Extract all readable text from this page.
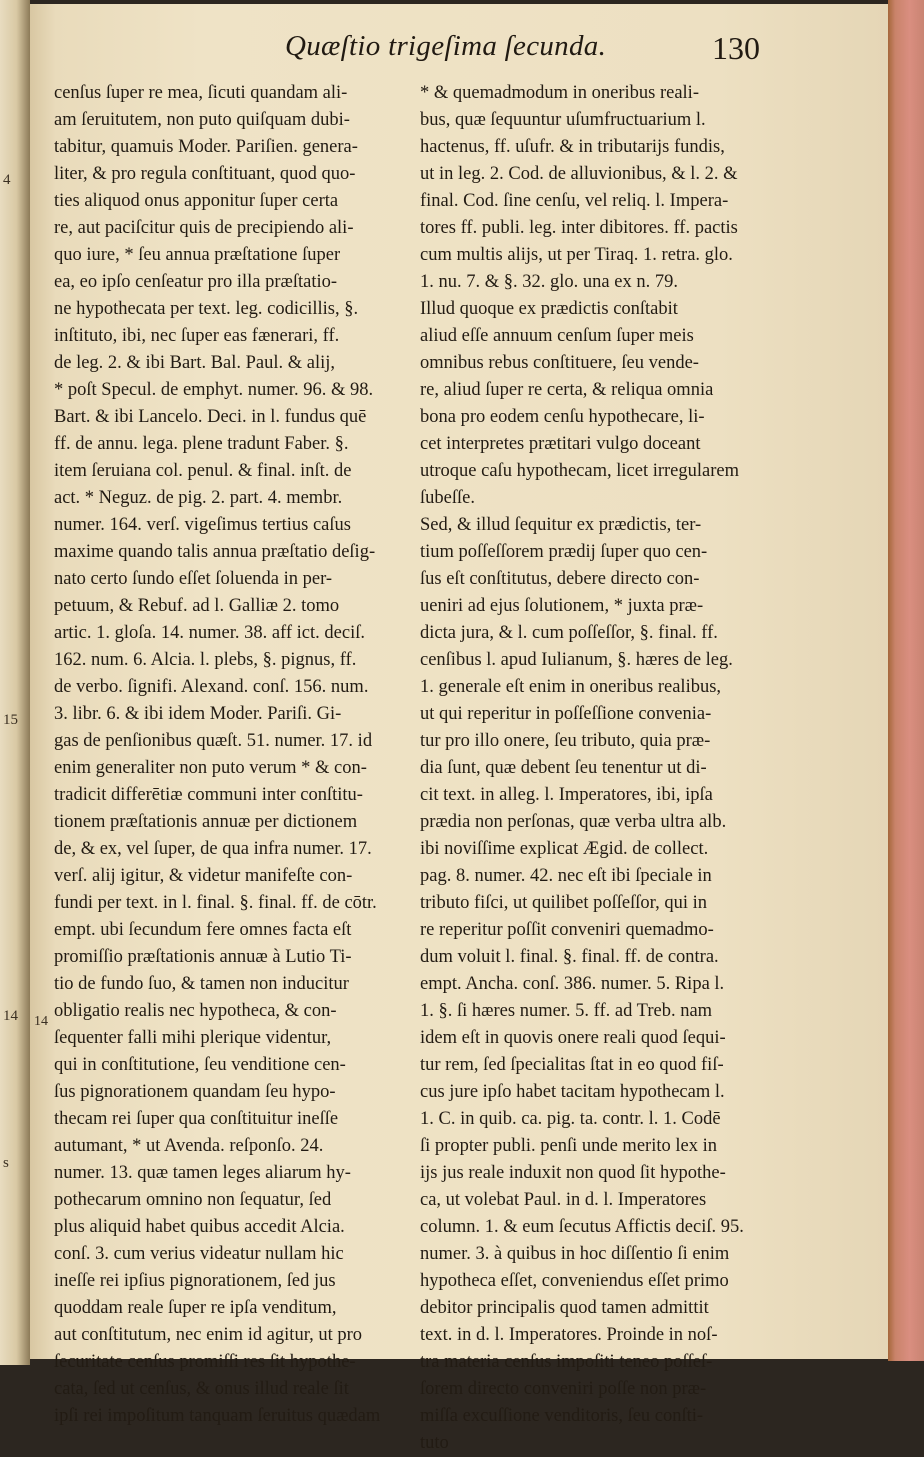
4
15
14
s
Quæſtio trigeſima ſecunda.	130
14
cenſus ſuper re mea, ſicuti quandam ali-
am ſeruitutem, non puto quiſquam dubi-
tabitur, quamuis Moder. Pariſien. genera-
liter, & pro regula conſtituant, quod quo-
ties aliquod onus apponitur ſuper certa
re, aut paciſcitur quis de precipiendo ali-
quo iure, * ſeu annua præſtatione ſuper
ea, eo ipſo cenſeatur pro illa præſtatio-
ne hypothecata per text. leg. codicillis, §.
inſtituto, ibi, nec ſuper eas fænerari, ff.
de leg. 2. & ibi Bart. Bal. Paul. & alij,
* poſt Specul. de emphyt. numer. 96. & 98.
Bart. & ibi Lancelo. Deci. in l. fundus quē
ff. de annu. lega. plene tradunt Faber. §.
item ſeruiana col. penul. & final. inſt. de
act. * Neguz. de pig. 2. part. 4. membr.
numer. 164. verſ. vigeſimus tertius caſus
maxime quando talis annua præſtatio deſig-
nato certo ſundo eſſet ſoluenda in per-
petuum, & Rebuf. ad l. Galliæ 2. tomo
artic. 1. gloſa. 14. numer. 38. aff ict. deciſ.
162. num. 6. Alcia. l. plebs, §. pignus, ff.
de verbo. ſignifi. Alexand. conſ. 156. num.
3. libr. 6. & ibi idem Moder. Pariſi. Gi-
gas de penſionibus quæſt. 51. numer. 17. id
enim generaliter non puto verum * & con-
tradicit differētiæ communi inter conſtitu-
tionem præſtationis annuæ per dictionem
de, & ex, vel ſuper, de qua infra numer. 17.
verſ. alij igitur, & videtur manifeſte con-
fundi per text. in l. final. §. final. ff. de cōtr.
empt. ubi ſecundum fere omnes facta eſt
promiſſio præſtationis annuæ à Lutio Ti-
tio de fundo ſuo, & tamen non inducitur
obligatio realis nec hypotheca, & con-
ſequenter falli mihi plerique videntur,
qui in conſtitutione, ſeu venditione cen-
ſus pignorationem quandam ſeu hypo-
thecam rei ſuper qua conſtituitur ineſſe
autumant, * ut Avenda. reſponſo. 24.
numer. 13. quæ tamen leges aliarum hy-
pothecarum omnino non ſequatur, ſed
plus aliquid habet quibus accedit Alcia.
conſ. 3. cum verius videatur nullam hic
ineſſe rei ipſius pignorationem, ſed jus
quoddam reale ſuper re ipſa venditum,
aut conſtitutum, nec enim id agitur, ut pro
ſecuritate cenſus promiſſi res ſit hypothe-
cata, ſed ut cenſus, & onus illud reale ſit
ipſi rei impoſitum tanquam ſeruitus quædam
* & quemadmodum in oneribus reali-
bus, quæ ſequuntur uſumfructuarium l.
hactenus, ff. uſufr. & in tributarijs fundis,
ut in leg. 2. Cod. de alluvionibus, & l. 2. &
final. Cod. ſine cenſu, vel reliq. l. Impera-
tores ff. publi. leg. inter dibitores. ff. pactis
cum multis alijs, ut per Tiraq. 1. retra. glo.
1. nu. 7. & §. 32. glo. una ex n. 79.
Illud quoque ex prædictis conſtabit
aliud eſſe annuum cenſum ſuper meis
omnibus rebus conſtituere, ſeu vende-
re, aliud ſuper re certa, & reliqua omnia
bona pro eodem cenſu hypothecare, li-
cet interpretes prætitari vulgo doceant
utroque caſu hypothecam, licet irregularem
ſubeſſe.
Sed, & illud ſequitur ex prædictis, ter-
tium poſſeſſorem prædij ſuper quo cen-
ſus eſt conſtitutus, debere directo con-
ueniri ad ejus ſolutionem, * juxta præ-
dicta jura, & l. cum poſſeſſor, §. final. ff.
cenſibus l. apud Iulianum, §. hæres de leg.
1. generale eſt enim in oneribus realibus,
ut qui reperitur in poſſeſſione convenia-
tur pro illo onere, ſeu tributo, quia præ-
dia ſunt, quæ debent ſeu tenentur ut di-
cit text. in alleg. l. Imperatores, ibi, ipſa
prædia non perſonas, quæ verba ultra alb.
ibi noviſſime explicat Ægid. de collect.
pag. 8. numer. 42. nec eſt ibi ſpeciale in
tributo fiſci, ut quilibet poſſeſſor, qui in
re reperitur poſſit conveniri quemadmo-
dum voluit l. final. §. final. ff. de contra.
empt. Ancha. conſ. 386. numer. 5. Ripa l.
1. §. ſi hæres numer. 5. ff. ad Treb. nam
idem eſt in quovis onere reali quod ſequi-
tur rem, ſed ſpecialitas ſtat in eo quod fiſ-
cus jure ipſo habet tacitam hypothecam l.
1. C. in quib. ca. pig. ta. contr. l. 1. Codē
ſi propter publi. penſi unde merito lex in
ijs jus reale induxit non quod ſit hypothe-
ca, ut volebat Paul. in d. l. Imperatores
column. 1. & eum ſecutus Affictis deciſ. 95.
numer. 3. à quibus in hoc diſſentio ſi enim
hypotheca eſſet, conveniendus eſſet primo
debitor principalis quod tamen admittit
text. in d. l. Imperatores. Proinde in noſ-
tra materia cenſus impoſiti teneo poſſeſ-
ſorem directo conveniri poſſe non præ-
miſſa excuſſione venditoris, ſeu conſti-
tuto
